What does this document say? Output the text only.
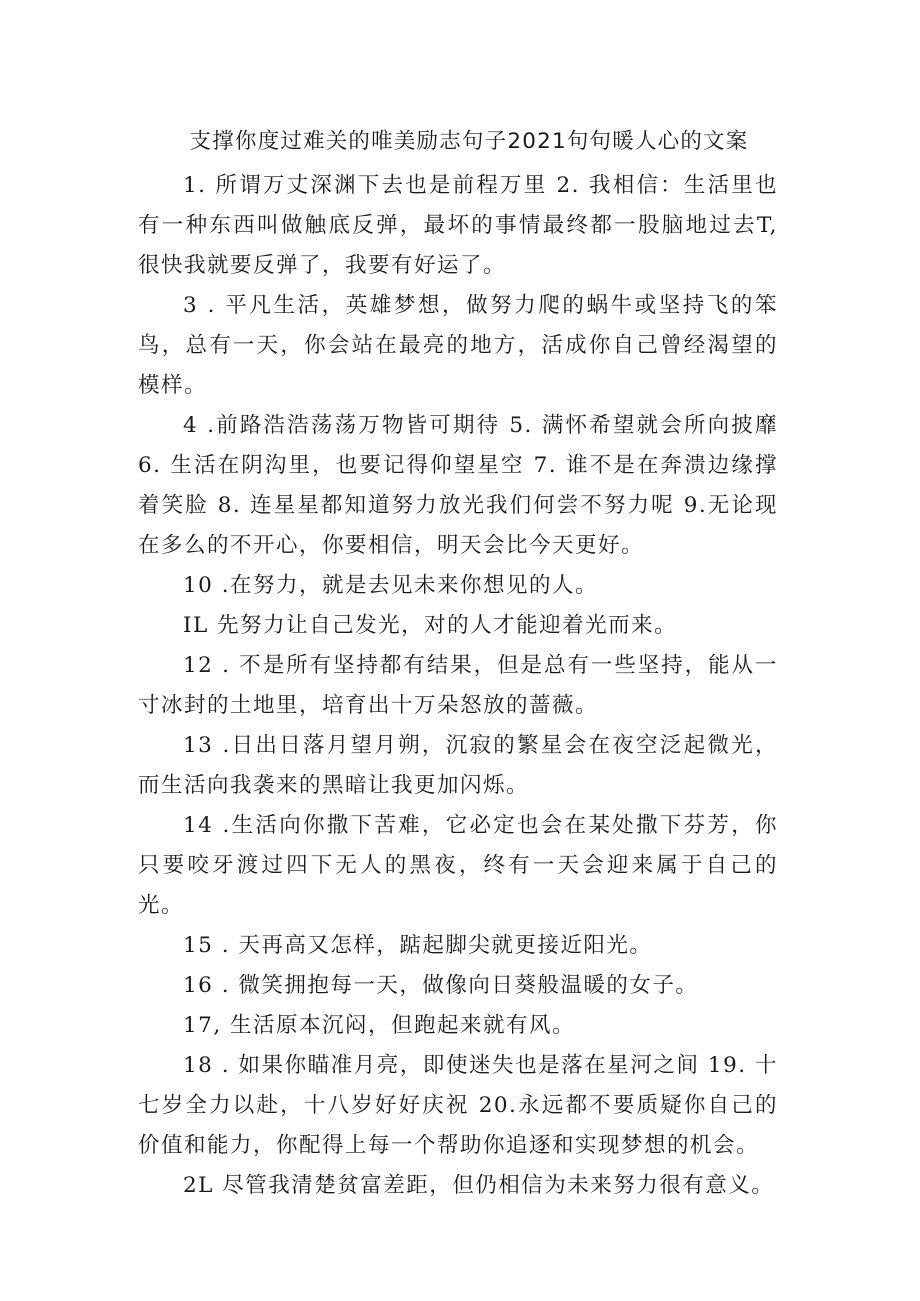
支撑你度过难关的唯美励志句子2021句句暖人心的文案

1. 所谓万丈深渊下去也是前程万里 2. 我相信：生活里也有一种东西叫做触底反弹，最坏的事情最终都一股脑地过去T,很快我就要反弹了，我要有好运了。

3 . 平凡生活，英雄梦想，做努力爬的蜗牛或坚持飞的笨鸟，总有一天，你会站在最亮的地方，活成你自己曾经渴望的模样。

4 .前路浩浩荡荡万物皆可期待 5. 满怀希望就会所向披靡 6. 生活在阴沟里，也要记得仰望星空 7. 谁不是在奔溃边缘撑着笑脸 8. 连星星都知道努力放光我们何尝不努力呢 9.无论现在多么的不开心，你要相信，明天会比今天更好。

10 .在努力，就是去见未来你想见的人。

IL 先努力让自己发光，对的人才能迎着光而来。

12 . 不是所有坚持都有结果，但是总有一些坚持，能从一寸冰封的土地里，培育出十万朵怒放的蔷薇。

13 .日出日落月望月朔，沉寂的繁星会在夜空泛起微光，而生活向我袭来的黑暗让我更加闪烁。

14 .生活向你撒下苦难，它必定也会在某处撒下芬芳，你只要咬牙渡过四下无人的黑夜，终有一天会迎来属于自己的光。

15 . 天再高又怎样，踮起脚尖就更接近阳光。

16 . 微笑拥抱每一天，做像向日葵般温暖的女子。

17, 生活原本沉闷，但跑起来就有风。

18 . 如果你瞄准月亮，即使迷失也是落在星河之间 19. 十七岁全力以赴，十八岁好好庆祝 20.永远都不要质疑你自己的价值和能力，你配得上每一个帮助你追逐和实现梦想的机会。

2L 尽管我清楚贫富差距，但仍相信为未来努力很有意义。
